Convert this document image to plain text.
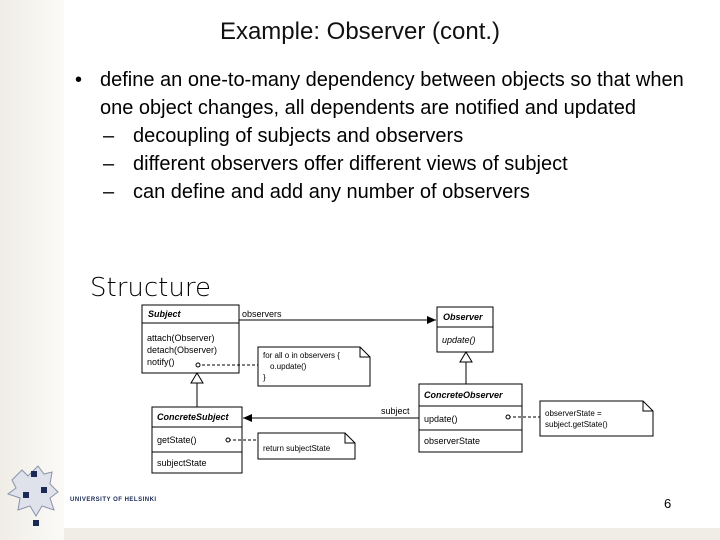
Example: Observer (cont.)
• define an one-to-many dependency between objects so that when one object changes, all dependents are notified and updated
– decoupling of subjects and observers
– different observers offer different views of subject
– can define and add any number of observers
Structure
Subject
attach(Observer)
detach(Observer)
notify()
Observer
update()
ConcreteSubject
getState()
subjectState
ConcreteObserver
update()
observerState
observers
subject
for all o in observers {
o.update()
}
return subjectState
observerState =
subject.getState()
UNIVERSITY OF HELSINKI	6
